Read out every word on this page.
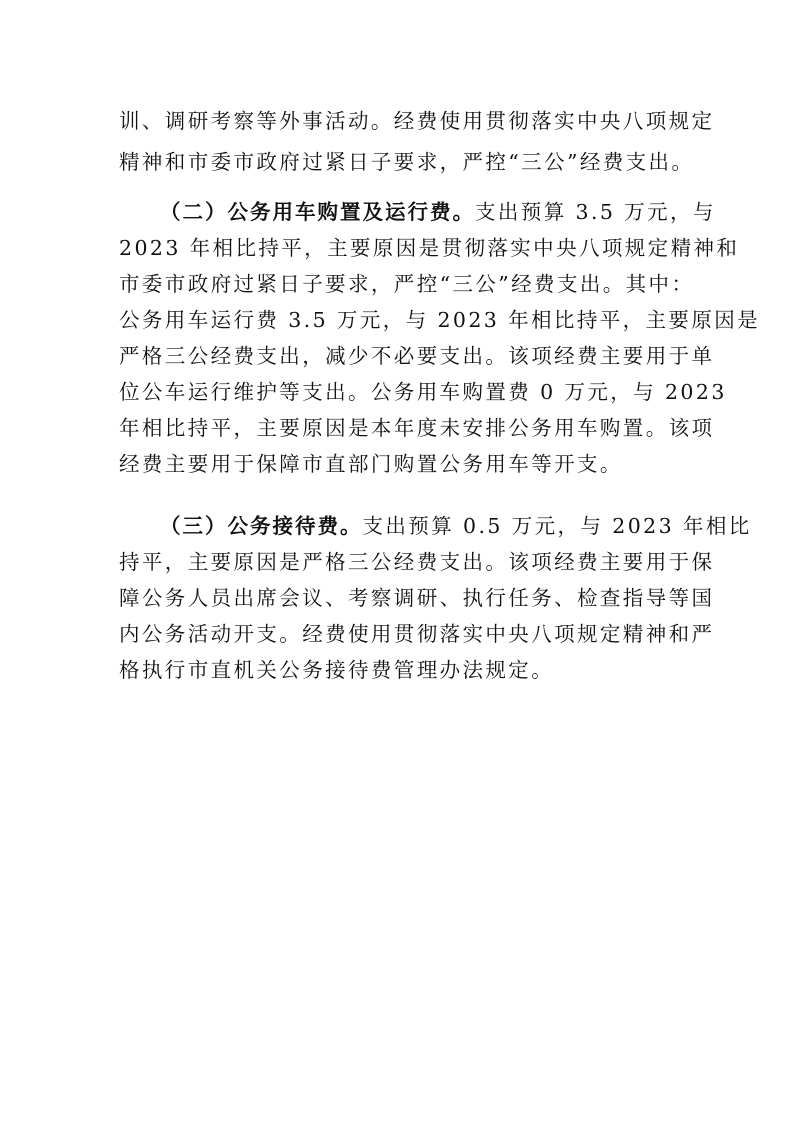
训、调研考察等外事活动。经费使用贯彻落实中央八项规定
精神和市委市政府过紧日子要求，严控“三公”经费支出。
（二）公务用车购置及运行费。支出预算 3.5 万元，与
2023 年相比持平，主要原因是贯彻落实中央八项规定精神和
市委市政府过紧日子要求，严控“三公”经费支出。其中：
公务用车运行费 3.5 万元，与 2023 年相比持平，主要原因是
严格三公经费支出，减少不必要支出。该项经费主要用于单
位公车运行维护等支出。公务用车购置费 0 万元，与 2023
年相比持平，主要原因是本年度未安排公务用车购置。该项
经费主要用于保障市直部门购置公务用车等开支。
（三）公务接待费。支出预算 0.5 万元，与 2023 年相比
持平，主要原因是严格三公经费支出。该项经费主要用于保
障公务人员出席会议、考察调研、执行任务、检查指导等国
内公务活动开支。经费使用贯彻落实中央八项规定精神和严
格执行市直机关公务接待费管理办法规定。
